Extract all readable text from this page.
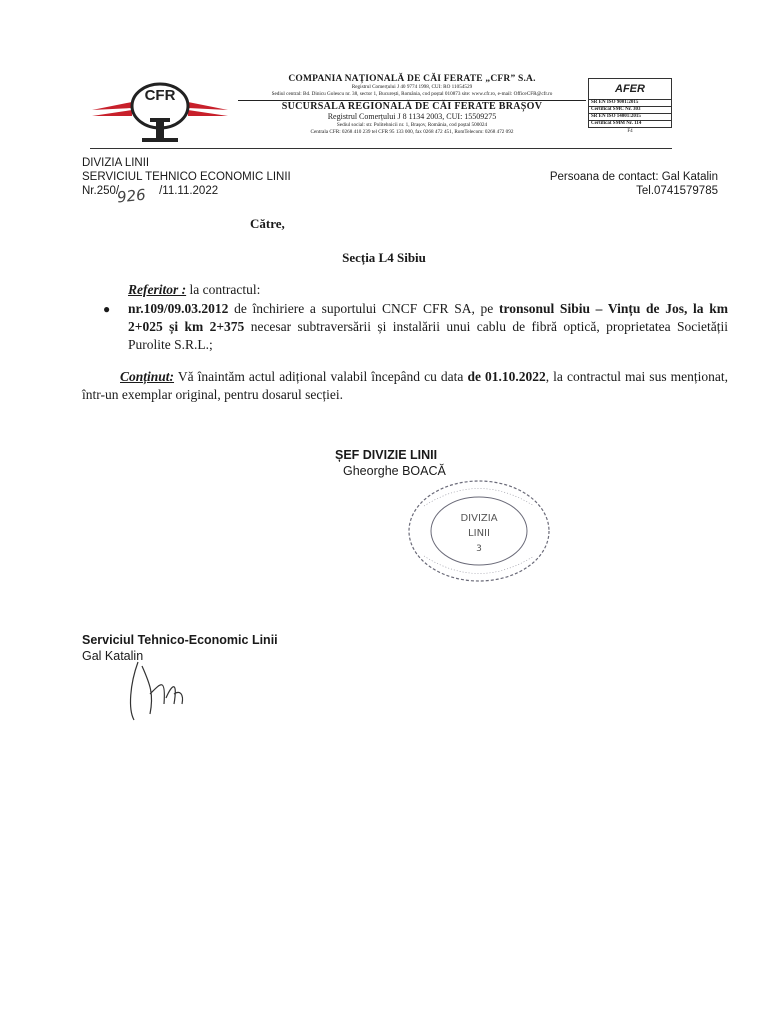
CFR
COMPANIA NAȚIONALĂ DE CĂI FERATE „CFR” S.A.
Registrul Comerțului J 40 9774 1998, CUI: RO 11054529
Sediul central: Bd. Dinicu Golescu nr. 38, sector 1, București, România, cod poștal 010873 site: www.cfr.ro, e-mail: OfficeCFR@cfr.ro
SUCURSALA REGIONALĂ DE CĂI FERATE BRAȘOV
Registrul Comerțului J 8 1134 2003, CUI: 15509275
Sediul social: str. Politehnicii nr. 1, Brașov, România, cod poștal 500024
Centrala CFR: 0268 410 239 tel CFR 95 133 000, fax 0268 472 451, RomTelecom: 0268 472 092
AFER
SR EN ISO 9001:2015
Certificat SMC Nr. 303
SR EN ISO 14001:2015
Certificat SMM Nr. 114
F4
DIVIZIA LINII
SERVICIUL TEHNICO ECONOMIC LINII
Nr.250/	/11.11.2022
926
Persoana de contact: Gal Katalin
Tel.0741579785
Către,
Secția L4 Sibiu
Referitor : la contractul:
● nr.109/09.03.2012 de închiriere a suportului CNCF CFR SA, pe tronsonul Sibiu – Vințu de Jos, la km 2+025 și km 2+375 necesar subtraversării și instalării unui cablu de fibră optică, proprietatea Societății Purolite S.R.L.;
Conținut: Vă înaintăm actul adițional valabil începând cu data de 01.10.2022, la contractul mai sus menționat, într-un exemplar original, pentru dosarul secției.
ȘEF DIVIZIE LINII
Gheorghe BOACĂ
DIVIZIA
LINII
3
Serviciul Tehnico-Economic Linii
Gal Katalin
